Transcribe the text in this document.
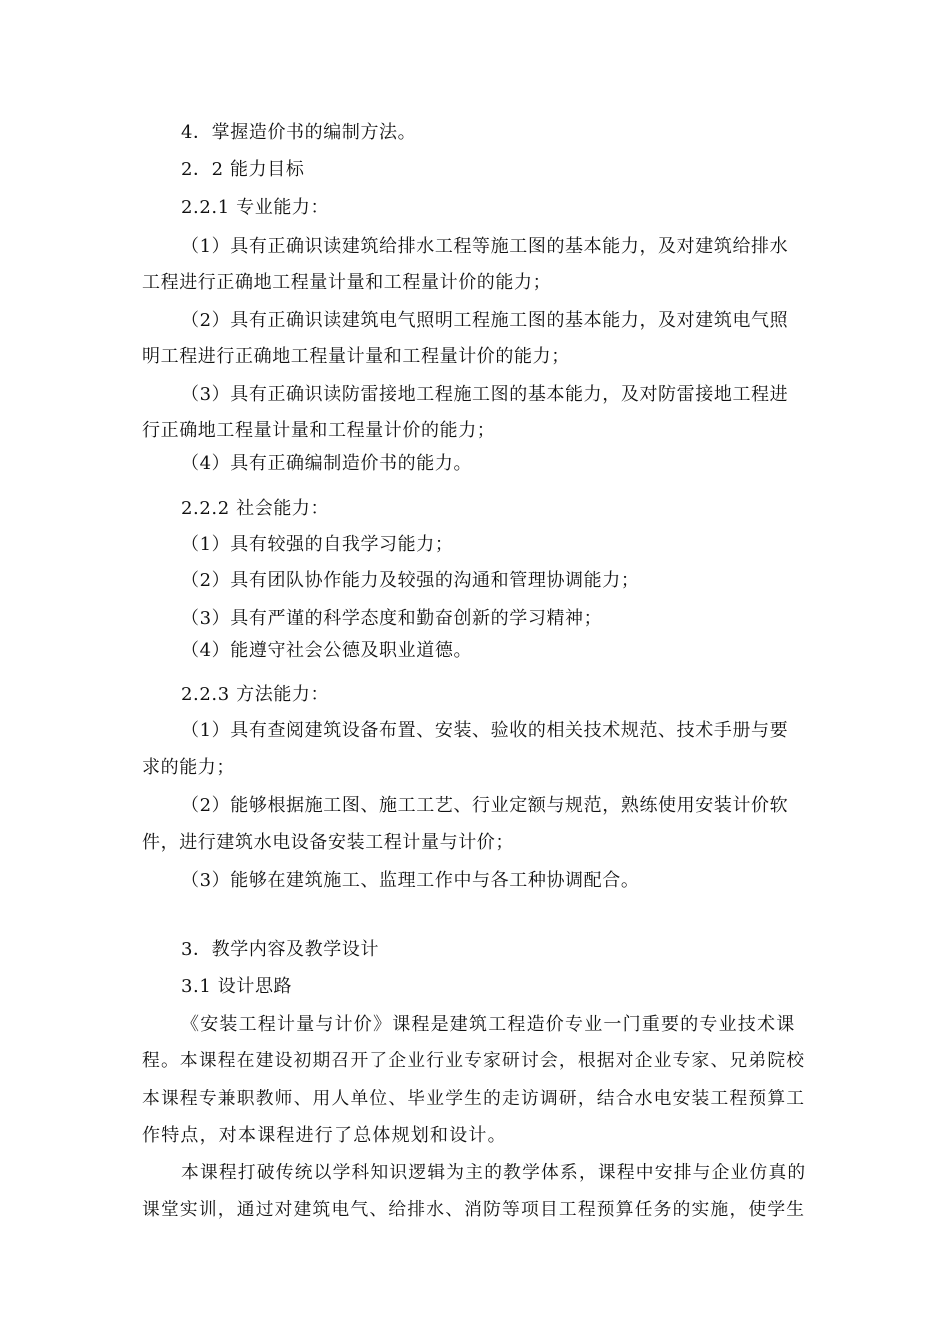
4．掌握造价书的编制方法。
2．2 能力目标
2.2.1 专业能力：
（1）具有正确识读建筑给排水工程等施工图的基本能力，及对建筑给排水
工程进行正确地工程量计量和工程量计价的能力；
（2）具有正确识读建筑电气照明工程施工图的基本能力，及对建筑电气照
明工程进行正确地工程量计量和工程量计价的能力；
（3）具有正确识读防雷接地工程施工图的基本能力，及对防雷接地工程进
行正确地工程量计量和工程量计价的能力；
（4）具有正确编制造价书的能力。
2.2.2 社会能力：
（1）具有较强的自我学习能力；
（2）具有团队协作能力及较强的沟通和管理协调能力；
（3）具有严谨的科学态度和勤奋创新的学习精神；
（4）能遵守社会公德及职业道德。
2.2.3 方法能力：
（1）具有查阅建筑设备布置、安装、验收的相关技术规范、技术手册与要
求的能力；
（2）能够根据施工图、施工工艺、行业定额与规范，熟练使用安装计价软
件，进行建筑水电设备安装工程计量与计价；
（3）能够在建筑施工、监理工作中与各工种协调配合。
3．教学内容及教学设计
3.1 设计思路
《安装工程计量与计价》课程是建筑工程造价专业一门重要的专业技术课
程。本课程在建设初期召开了企业行业专家研讨会，根据对企业专家、兄弟院校
本课程专兼职教师、用人单位、毕业学生的走访调研，结合水电安装工程预算工
作特点，对本课程进行了总体规划和设计。
本课程打破传统以学科知识逻辑为主的教学体系，课程中安排与企业仿真的
课堂实训，通过对建筑电气、给排水、消防等项目工程预算任务的实施，使学生
